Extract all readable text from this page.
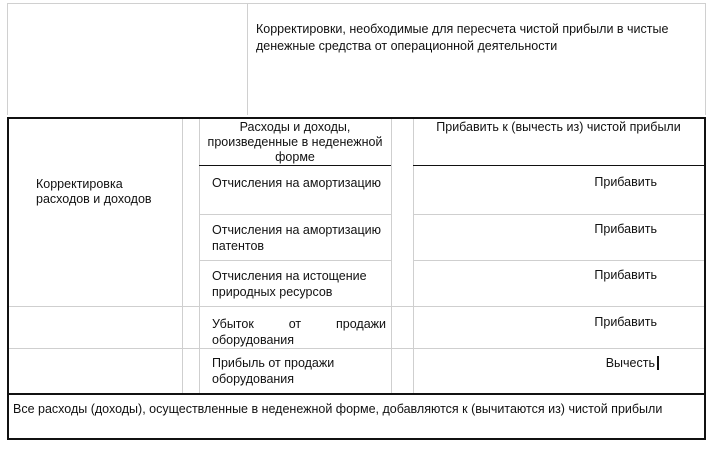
Корректировки, необходимые для пересчета чистой прибыли в чистые денежные средства от операционной деятельности
Расходы и доходы, произведенные в неденежной форме
Прибавить к (вычесть из) чистой прибыли
Корректировка расходов и доходов
Отчисления на амортизацию	Прибавить
Отчисления на амортизацию патентов
Прибавить
Отчисления на истощение природных ресурсов
Прибавить
Убыток от продажи оборудования
Прибавить
Прибыль от продажи оборудования
Вычесть
Все расходы (доходы), осуществленные в неденежной форме, добавляются к (вычитаются из) чистой прибыли
